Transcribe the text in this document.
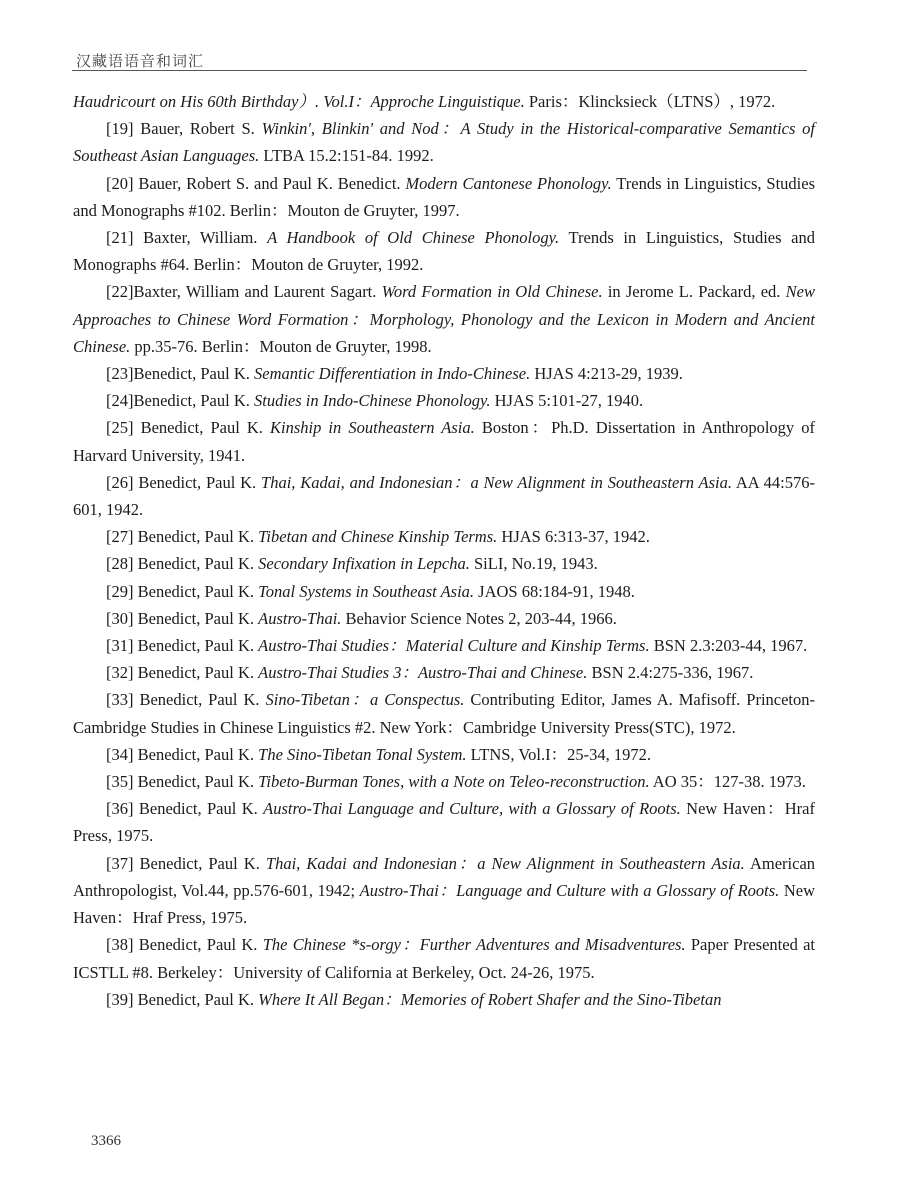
汉藏语语音和词汇

Haudricourt on His 60th Birthday）. Vol.I：Approche Linguistique. Paris：Klincksieck（LTNS）, 1972.

[19] Bauer, Robert S. Winkin', Blinkin' and Nod：A Study in the Historical-comparative Semantics of Southeast Asian Languages. LTBA 15.2:151-84. 1992.

[20] Bauer, Robert S. and Paul K. Benedict. Modern Cantonese Phonology. Trends in Linguistics, Studies and Monographs #102. Berlin：Mouton de Gruyter, 1997.

[21] Baxter, William. A Handbook of Old Chinese Phonology. Trends in Linguistics, Studies and Monographs #64. Berlin：Mouton de Gruyter, 1992.

[22]Baxter, William and Laurent Sagart. Word Formation in Old Chinese. in Jerome L. Packard, ed. New Approaches to Chinese Word Formation：Morphology, Phonology and the Lexicon in Modern and Ancient Chinese. pp.35-76. Berlin：Mouton de Gruyter, 1998.

[23]Benedict, Paul K. Semantic Differentiation in Indo-Chinese. HJAS 4:213-29, 1939.

[24]Benedict, Paul K. Studies in Indo-Chinese Phonology. HJAS 5:101-27, 1940.

[25] Benedict, Paul K. Kinship in Southeastern Asia. Boston：Ph.D. Dissertation in Anthropology of Harvard University, 1941.

[26] Benedict, Paul K. Thai, Kadai, and Indonesian：a New Alignment in Southeastern Asia. AA 44:576-601, 1942.

[27] Benedict, Paul K. Tibetan and Chinese Kinship Terms. HJAS 6:313-37, 1942.

[28] Benedict, Paul K. Secondary Infixation in Lepcha. SiLI, No.19, 1943.

[29] Benedict, Paul K. Tonal Systems in Southeast Asia. JAOS 68:184-91, 1948.

[30] Benedict, Paul K. Austro-Thai. Behavior Science Notes 2, 203-44, 1966.

[31] Benedict, Paul K. Austro-Thai Studies：Material Culture and Kinship Terms. BSN 2.3:203-44, 1967.

[32] Benedict, Paul K. Austro-Thai Studies 3：Austro-Thai and Chinese. BSN 2.4:275-336, 1967.

[33] Benedict, Paul K. Sino-Tibetan：a Conspectus. Contributing Editor, James A. Mafisoff. Princeton-Cambridge Studies in Chinese Linguistics #2. New York：Cambridge University Press(STC), 1972.

[34] Benedict, Paul K. The Sino-Tibetan Tonal System. LTNS, Vol.I：25-34, 1972.

[35] Benedict, Paul K. Tibeto-Burman Tones, with a Note on Teleo-reconstruction. AO 35：127-38. 1973.

[36] Benedict, Paul K. Austro-Thai Language and Culture, with a Glossary of Roots. New Haven：Hraf Press, 1975.

[37] Benedict, Paul K. Thai, Kadai and Indonesian：a New Alignment in Southeastern Asia. American Anthropologist, Vol.44, pp.576-601, 1942; Austro-Thai：Language and Culture with a Glossary of Roots. New Haven：Hraf Press, 1975.

[38] Benedict, Paul K. The Chinese *s-orgy：Further Adventures and Misadventures. Paper Presented at ICSTLL #8. Berkeley：University of California at Berkeley, Oct. 24-26, 1975.

[39] Benedict, Paul K. Where It All Began：Memories of Robert Shafer and the Sino-Tibetan

3366
